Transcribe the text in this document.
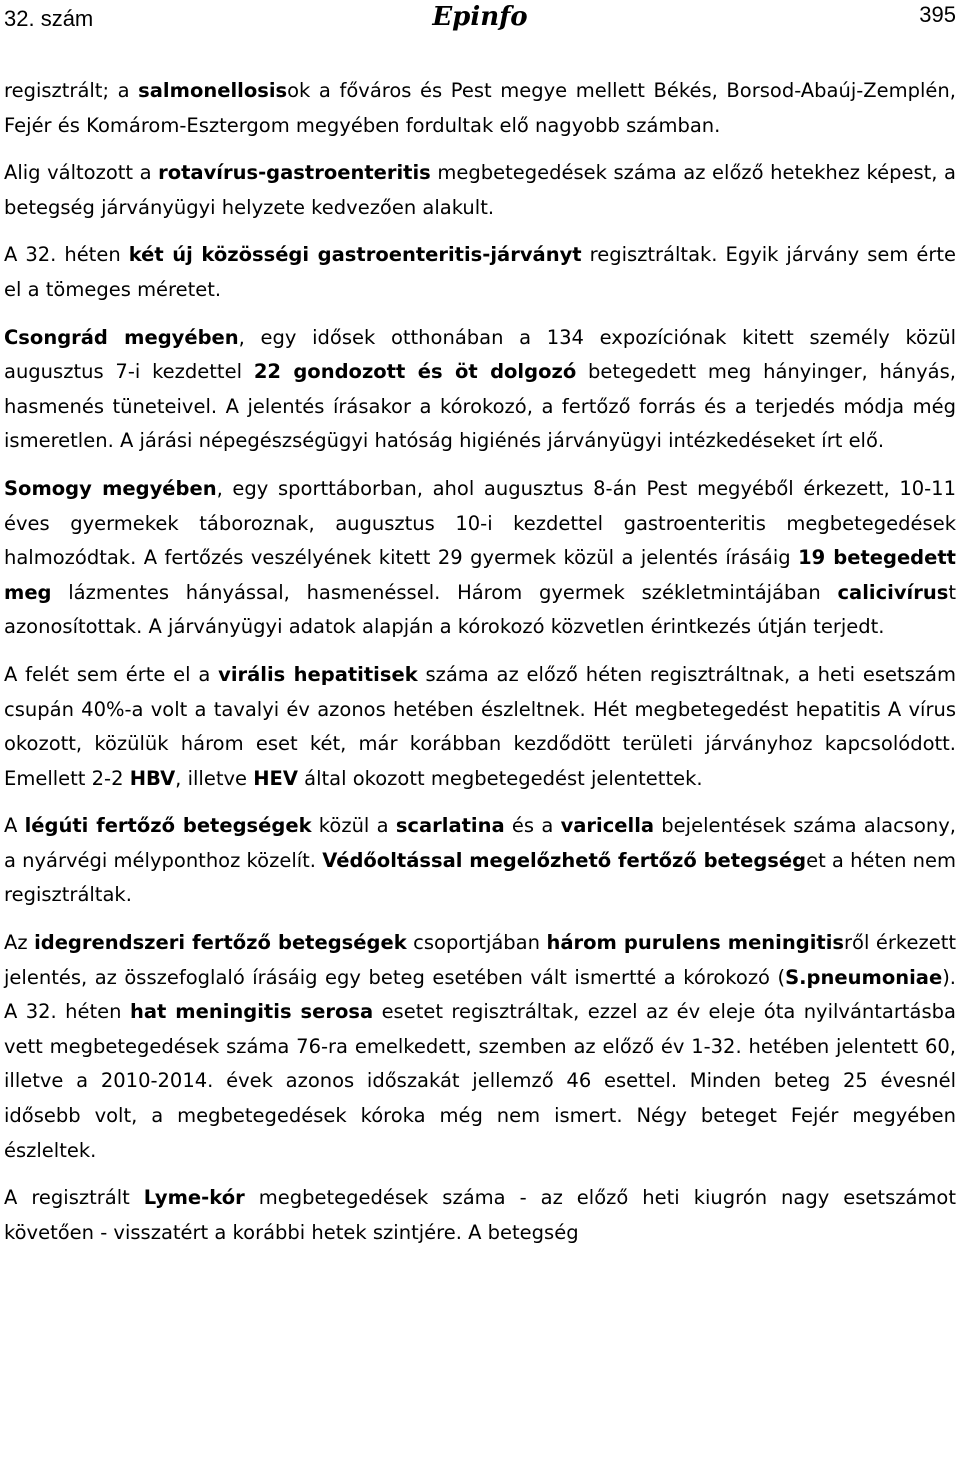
32. szám	Epinfo	395

regisztrált; a salmonellosisok a főváros és Pest megye mellett Békés, Borsod-Abaúj-Zemplén, Fejér és Komárom-Esztergom megyében fordultak elő nagyobb számban.

Alig változott a rotavírus-gastroenteritis megbetegedések száma az előző hetekhez képest, a betegség járványügyi helyzete kedvezően alakult.

A 32. héten két új közösségi gastroenteritis-járványt regisztráltak. Egyik járvány sem érte el a tömeges méretet.

Csongrád megyében, egy idősek otthonában a 134 expozíciónak kitett személy közül augusztus 7-i kezdettel 22 gondozott és öt dolgozó betegedett meg hányinger, hányás, hasmenés tüneteivel. A jelentés írásakor a kórokozó, a fertőző forrás és a terjedés módja még ismeretlen. A járási népegészségügyi hatóság higiénés járványügyi intézkedéseket írt elő.

Somogy megyében, egy sporttáborban, ahol augusztus 8-án Pest megyéből érkezett, 10-11 éves gyermekek táboroznak, augusztus 10-i kezdettel gastroenteritis megbetegedések halmozódtak. A fertőzés veszélyének kitett 29 gyermek közül a jelentés írásáig 19 betegedett meg lázmentes hányással, hasmenéssel. Három gyermek székletmintájában calicivírust azonosítottak. A járványügyi adatok alapján a kórokozó közvetlen érintkezés útján terjedt.

A felét sem érte el a virális hepatitisek száma az előző héten regisztráltnak, a heti esetszám csupán 40%-a volt a tavalyi év azonos hetében észleltnek. Hét megbetegedést hepatitis A vírus okozott, közülük három eset két, már korábban kezdődött területi járványhoz kapcsolódott. Emellett 2-2 HBV, illetve HEV által okozott megbetegedést jelentettek.

A légúti fertőző betegségek közül a scarlatina és a varicella bejelentések száma alacsony, a nyárvégi mélyponthoz közelít. Védőoltással megelőzhető fertőző betegséget a héten nem regisztráltak.

Az idegrendszeri fertőző betegségek csoportjában három purulens meningitisről érkezett jelentés, az összefoglaló írásáig egy beteg esetében vált ismertté a kórokozó (S.pneumoniae). A 32. héten hat meningitis serosa esetet regisztráltak, ezzel az év eleje óta nyilvántartásba vett megbetegedések száma 76-ra emelkedett, szemben az előző év 1-32. hetében jelentett 60, illetve a 2010-2014. évek azonos időszakát jellemző 46 esettel. Minden beteg 25 évesnél idősebb volt, a megbetegedések kóroka még nem ismert. Négy beteget Fejér megyében észleltek.

A regisztrált Lyme-kór megbetegedések száma - az előző heti kiugrón nagy esetszámot követően - visszatért a korábbi hetek szintjére. A betegség
